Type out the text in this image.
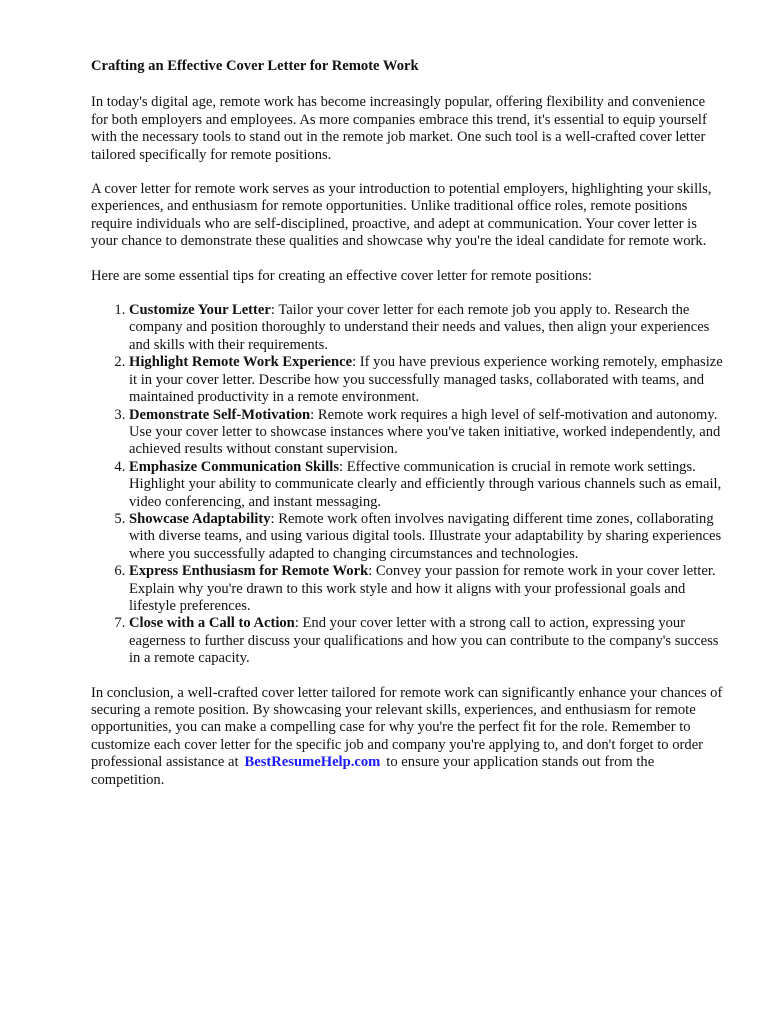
Crafting an Effective Cover Letter for Remote Work

In today's digital age, remote work has become increasingly popular, offering flexibility and convenience for both employers and employees. As more companies embrace this trend, it's essential to equip yourself with the necessary tools to stand out in the remote job market. One such tool is a well-crafted cover letter tailored specifically for remote positions.

A cover letter for remote work serves as your introduction to potential employers, highlighting your skills, experiences, and enthusiasm for remote opportunities. Unlike traditional office roles, remote positions require individuals who are self-disciplined, proactive, and adept at communication. Your cover letter is your chance to demonstrate these qualities and showcase why you're the ideal candidate for remote work.

Here are some essential tips for creating an effective cover letter for remote positions:

1. Customize Your Letter: Tailor your cover letter for each remote job you apply to. Research the company and position thoroughly to understand their needs and values, then align your experiences and skills with their requirements.
2. Highlight Remote Work Experience: If you have previous experience working remotely, emphasize it in your cover letter. Describe how you successfully managed tasks, collaborated with teams, and maintained productivity in a remote environment.
3. Demonstrate Self-Motivation: Remote work requires a high level of self-motivation and autonomy. Use your cover letter to showcase instances where you've taken initiative, worked independently, and achieved results without constant supervision.
4. Emphasize Communication Skills: Effective communication is crucial in remote work settings. Highlight your ability to communicate clearly and efficiently through various channels such as email, video conferencing, and instant messaging.
5. Showcase Adaptability: Remote work often involves navigating different time zones, collaborating with diverse teams, and using various digital tools. Illustrate your adaptability by sharing experiences where you successfully adapted to changing circumstances and technologies.
6. Express Enthusiasm for Remote Work: Convey your passion for remote work in your cover letter. Explain why you're drawn to this work style and how it aligns with your professional goals and lifestyle preferences.
7. Close with a Call to Action: End your cover letter with a strong call to action, expressing your eagerness to further discuss your qualifications and how you can contribute to the company's success in a remote capacity.

In conclusion, a well-crafted cover letter tailored for remote work can significantly enhance your chances of securing a remote position. By showcasing your relevant skills, experiences, and enthusiasm for remote opportunities, you can make a compelling case for why you're the perfect fit for the role. Remember to customize each cover letter for the specific job and company you're applying to, and don't forget to order professional assistance at BestResumeHelp.com to ensure your application stands out from the competition.
